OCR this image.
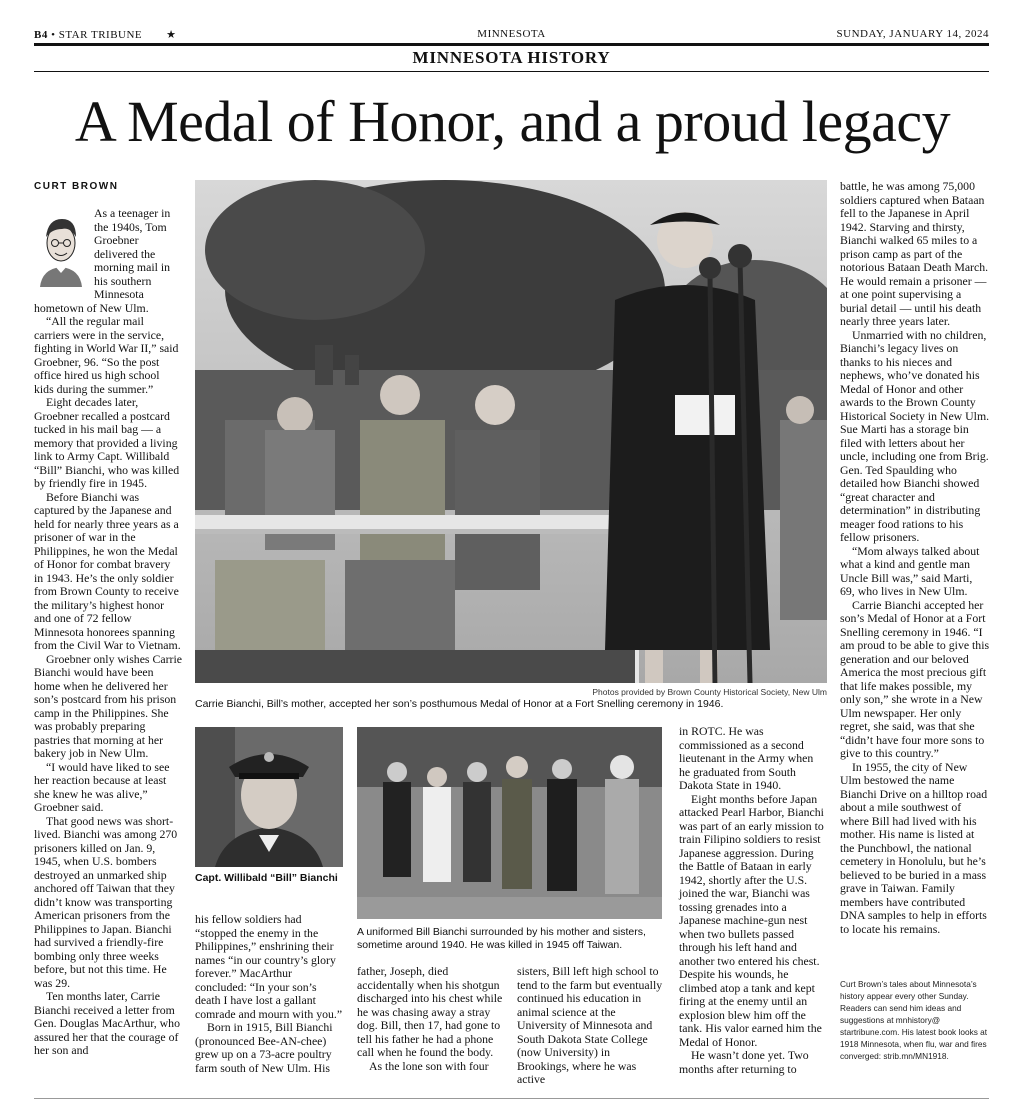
B4 • STAR TRIBUNE ★	MINNESOTA	SUNDAY, JANUARY 14, 2024
MINNESOTA HISTORY
A Medal of Honor, and a proud legacy
CURT BROWN

As a teenager in the 1940s, Tom Groebner delivered the morning mail in his southern Minnesota hometown of New Ulm.

“All the regular mail carriers were in the service, fighting in World War II,” said Groebner, 96. “So the post office hired us high school kids during the summer.”

Eight decades later, Groebner recalled a postcard tucked in his mail bag — a memory that provided a living link to Army Capt. Willibald “Bill” Bianchi, who was killed by friendly fire in 1945.

Before Bianchi was captured by the Japanese and held for nearly three years as a prisoner of war in the Philippines, he won the Medal of Honor for combat bravery in 1943. He’s the only soldier from Brown County to receive the military’s highest honor and one of 72 fellow Minnesota honorees spanning from the Civil War to Vietnam.

Groebner only wishes Carrie Bianchi would have been home when he delivered her son’s postcard from his prison camp in the Philippines. She was probably preparing pastries that morning at her bakery job in New Ulm.

“I would have liked to see her reaction because at least she knew he was alive,” Groebner said.

That good news was short-lived. Bianchi was among 270 prisoners killed on Jan. 9, 1945, when U.S. bombers destroyed an unmarked ship anchored off Taiwan that they didn’t know was transporting American prisoners from the Philippines to Japan. Bianchi had survived a friendly-fire bombing only three weeks before, but not this time. He was 29.

Ten months later, Carrie Bianchi received a letter from Gen. Douglas MacArthur, who assured her that the courage of her son and

Photos provided by Brown County Historical Society, New Ulm
Carrie Bianchi, Bill’s mother, accepted her son’s posthumous Medal of Honor at a Fort Snelling ceremony in 1946.
Capt. Willibald “Bill” Bianchi
A uniformed Bill Bianchi surrounded by his mother and sisters, sometime around 1940. He was killed in 1945 off Taiwan.

his fellow soldiers had “stopped the enemy in the Philippines,” enshrining their names “in our country’s glory forever.” MacArthur concluded: “In your son’s death I have lost a gallant comrade and mourn with you.”

Born in 1915, Bill Bianchi (pronounced Bee-AN-chee) grew up on a 73-acre poultry farm south of New Ulm. His

father, Joseph, died accidentally when his shotgun discharged into his chest while he was chasing away a stray dog. Bill, then 17, had gone to tell his father he had a phone call when he found the body.

As the lone son with four

sisters, Bill left high school to tend to the farm but eventually continued his education in animal science at the University of Minnesota and South Dakota State College (now University) in Brookings, where he was active

in ROTC. He was commissioned as a second lieutenant in the Army when he graduated from South Dakota State in 1940.

Eight months before Japan attacked Pearl Harbor, Bianchi was part of an early mission to train Filipino soldiers to resist Japanese aggression. During the Battle of Bataan in early 1942, shortly after the U.S. joined the war, Bianchi was tossing grenades into a Japanese machine-gun nest when two bullets passed through his left hand and another two entered his chest. Despite his wounds, he climbed atop a tank and kept firing at the enemy until an explosion blew him off the tank. His valor earned him the Medal of Honor.

He wasn’t done yet. Two months after returning to

battle, he was among 75,000 soldiers captured when Bataan fell to the Japanese in April 1942. Starving and thirsty, Bianchi walked 65 miles to a prison camp as part of the notorious Bataan Death March. He would remain a prisoner — at one point supervising a burial detail — until his death nearly three years later.

Unmarried with no children, Bianchi’s legacy lives on thanks to his nieces and nephews, who’ve donated his Medal of Honor and other awards to the Brown County Historical Society in New Ulm. Sue Marti has a storage bin filed with letters about her uncle, including one from Brig. Gen. Ted Spaulding who detailed how Bianchi showed “great character and determination” in distributing meager food rations to his fellow prisoners.

“Mom always talked about what a kind and gentle man Uncle Bill was,” said Marti, 69, who lives in New Ulm.

Carrie Bianchi accepted her son’s Medal of Honor at a Fort Snelling ceremony in 1946. “I am proud to be able to give this generation and our beloved America the most precious gift that life makes possible, my only son,” she wrote in a New Ulm newspaper. Her only regret, she said, was that she “didn’t have four more sons to give to this country.”

In 1955, the city of New Ulm bestowed the name Bianchi Drive on a hilltop road about a mile southwest of where Bill had lived with his mother. His name is listed at the Punchbowl, the national cemetery in Honolulu, but he’s believed to be buried in a mass grave in Taiwan. Family members have contributed DNA samples to help in efforts to locate his remains.

Curt Brown’s tales about Minnesota’s history appear every other Sunday. Readers can send him ideas and suggestions at mnhistory@ startribune.com. His latest book looks at 1918 Minnesota, when flu, war and fires converged: strib.mn/MN1918.
